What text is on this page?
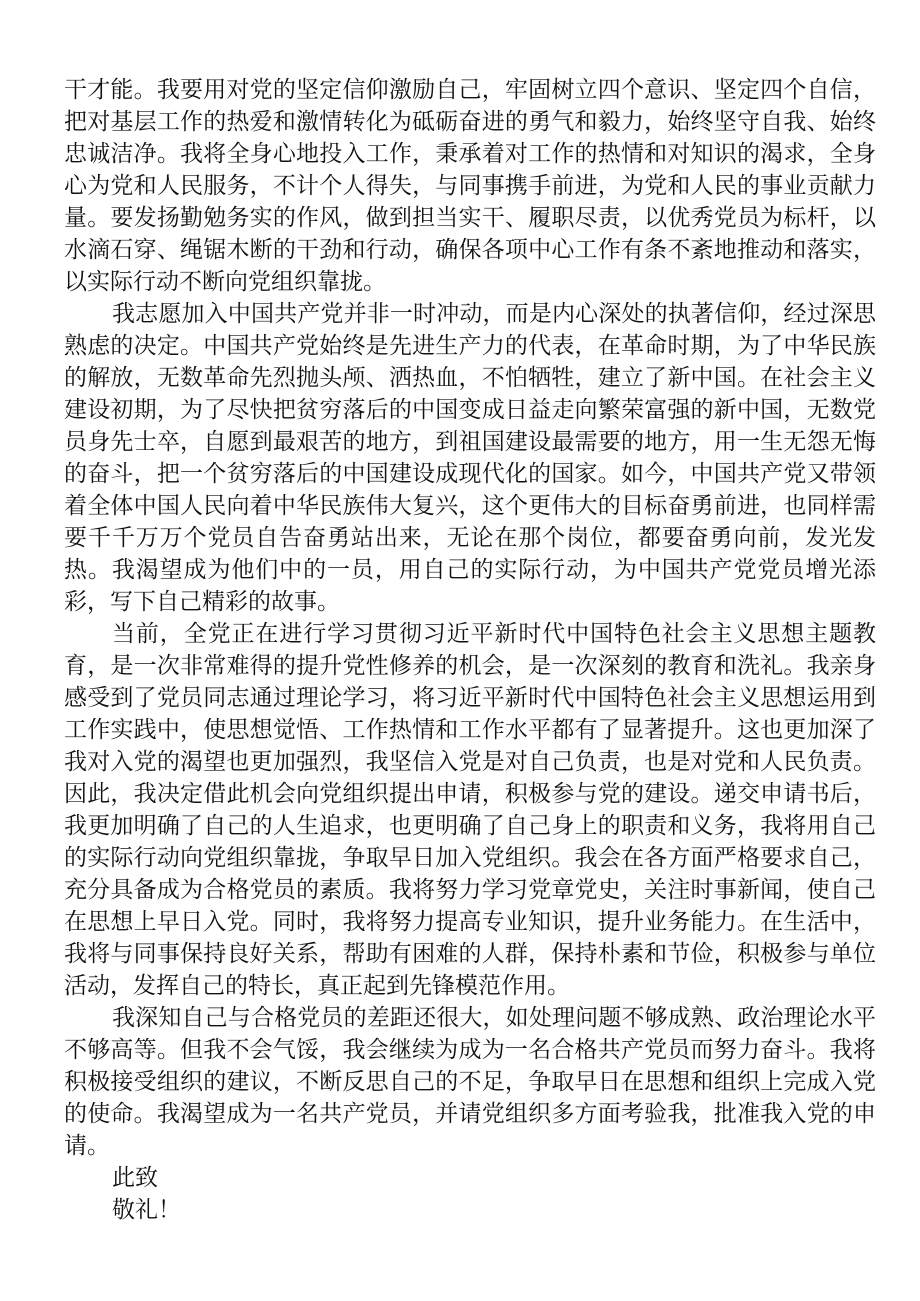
干才能。我要用对党的坚定信仰激励自己，牢固树立四个意识、坚定四个自信，把对基层工作的热爱和激情转化为砥砺奋进的勇气和毅力，始终坚守自我、始终忠诚洁净。我将全身心地投入工作，秉承着对工作的热情和对知识的渴求，全身心为党和人民服务，不计个人得失，与同事携手前进，为党和人民的事业贡献力量。要发扬勤勉务实的作风，做到担当实干、履职尽责，以优秀党员为标杆，以水滴石穿、绳锯木断的干劲和行动，确保各项中心工作有条不紊地推动和落实，以实际行动不断向党组织靠拢。

我志愿加入中国共产党并非一时冲动，而是内心深处的执著信仰，经过深思熟虑的决定。中国共产党始终是先进生产力的代表，在革命时期，为了中华民族的解放，无数革命先烈抛头颅、洒热血，不怕牺牲，建立了新中国。在社会主义建设初期，为了尽快把贫穷落后的中国变成日益走向繁荣富强的新中国，无数党员身先士卒，自愿到最艰苦的地方，到祖国建设最需要的地方，用一生无怨无悔的奋斗，把一个贫穷落后的中国建设成现代化的国家。如今，中国共产党又带领着全体中国人民向着中华民族伟大复兴，这个更伟大的目标奋勇前进，也同样需要千千万万个党员自告奋勇站出来，无论在那个岗位，都要奋勇向前，发光发热。我渴望成为他们中的一员，用自己的实际行动，为中国共产党党员增光添彩，写下自己精彩的故事。

当前，全党正在进行学习贯彻习近平新时代中国特色社会主义思想主题教育，是一次非常难得的提升党性修养的机会，是一次深刻的教育和洗礼。我亲身感受到了党员同志通过理论学习，将习近平新时代中国特色社会主义思想运用到工作实践中，使思想觉悟、工作热情和工作水平都有了显著提升。这也更加深了我对入党的渴望也更加强烈，我坚信入党是对自己负责，也是对党和人民负责。因此，我决定借此机会向党组织提出申请，积极参与党的建设。递交申请书后，我更加明确了自己的人生追求，也更明确了自己身上的职责和义务，我将用自己的实际行动向党组织靠拢，争取早日加入党组织。我会在各方面严格要求自己，充分具备成为合格党员的素质。我将努力学习党章党史，关注时事新闻，使自己在思想上早日入党。同时，我将努力提高专业知识，提升业务能力。在生活中，我将与同事保持良好关系，帮助有困难的人群，保持朴素和节俭，积极参与单位活动，发挥自己的特长，真正起到先锋模范作用。

我深知自己与合格党员的差距还很大，如处理问题不够成熟、政治理论水平不够高等。但我不会气馁，我会继续为成为一名合格共产党员而努力奋斗。我将积极接受组织的建议，不断反思自己的不足，争取早日在思想和组织上完成入党的使命。我渴望成为一名共产党员，并请党组织多方面考验我，批准我入党的申请。

此致

敬礼！
